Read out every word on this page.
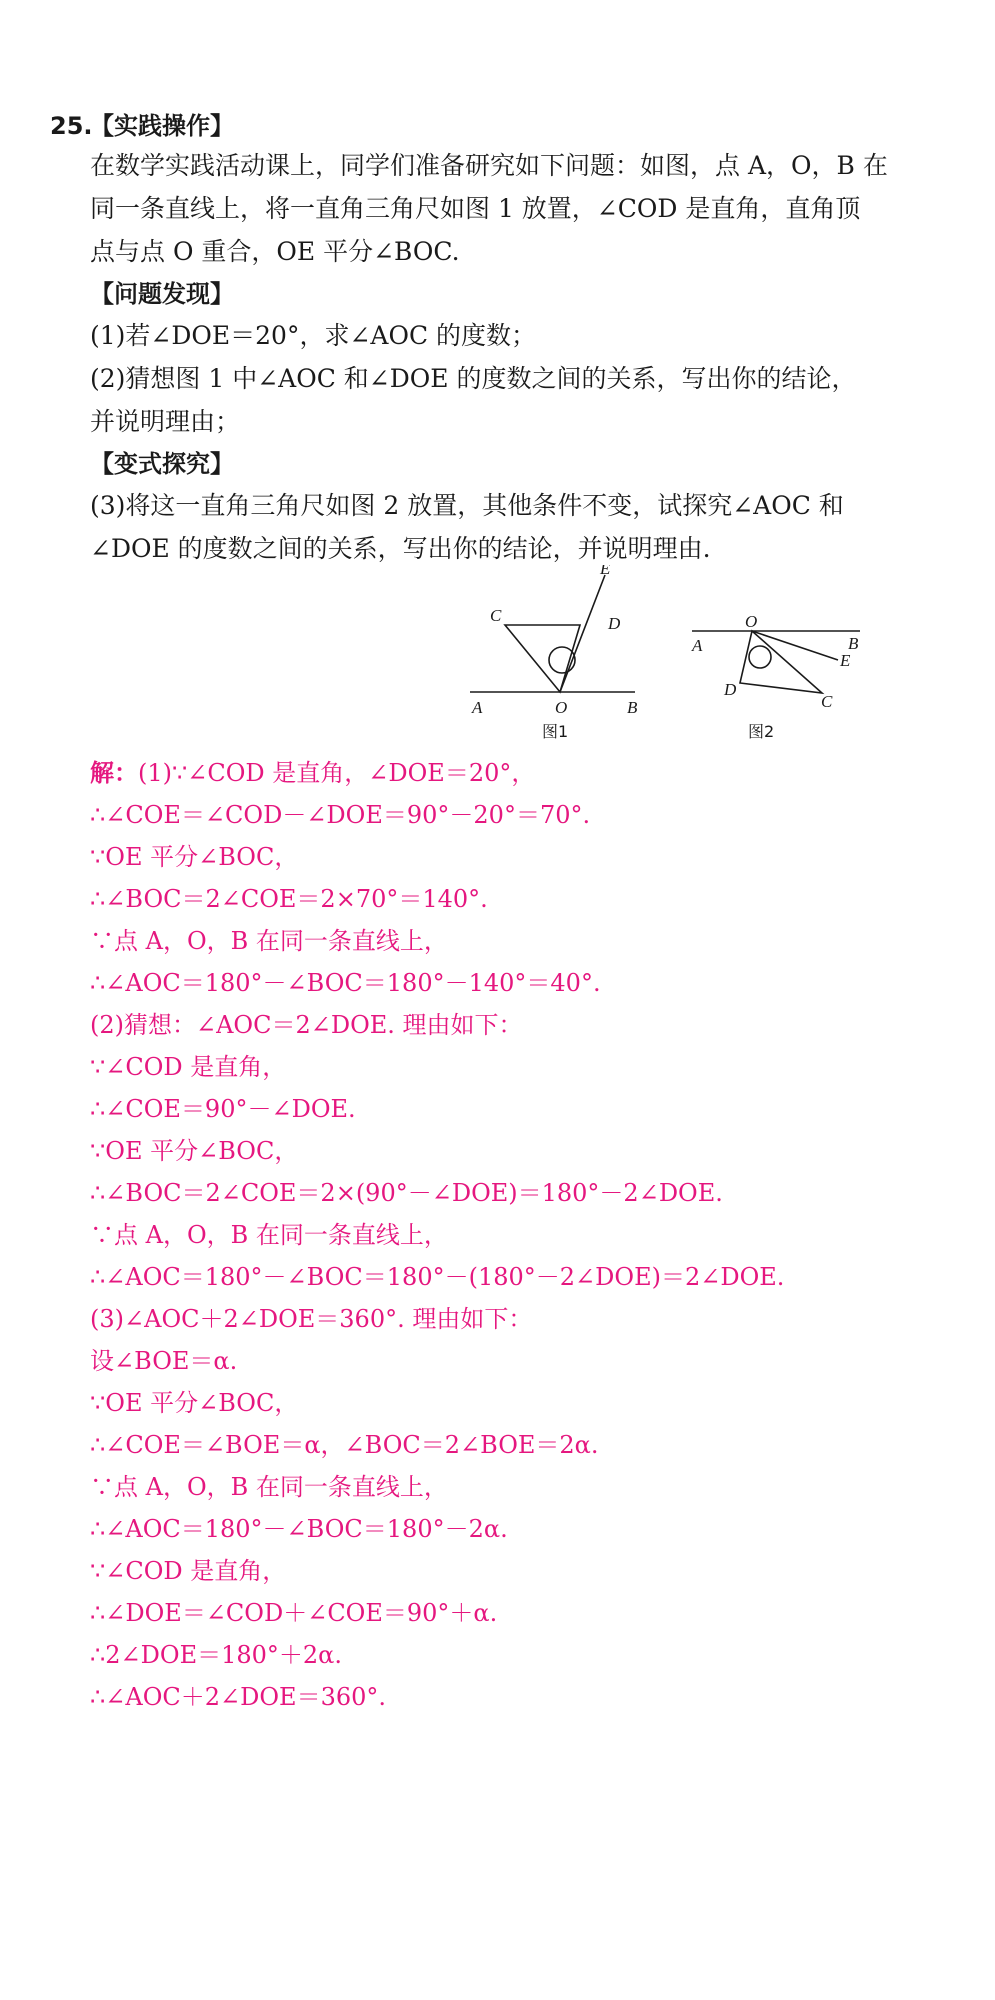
25.
【实践操作】
在数学实践活动课上，同学们准备研究如下问题：如图，点 A，O，B 在
同一条直线上，将一直角三角尺如图 1 放置，∠COD 是直角，直角顶
点与点 O 重合，OE 平分∠BOC.
【问题发现】
(1)若∠DOE＝20°，求∠AOC 的度数；
(2)猜想图 1 中∠AOC 和∠DOE 的度数之间的关系，写出你的结论，
并说明理由；
【变式探究】
(3)将这一直角三角尺如图 2 放置，其他条件不变，试探究∠AOC 和
∠DOE 的度数之间的关系，写出你的结论，并说明理由.
C	D
E
A	O	B
图1
O
A	B
E
D
C
图2
解：(1)∵∠COD 是直角，∠DOE＝20°，
∴∠COE＝∠COD－∠DOE＝90°－20°＝70°.
∵OE 平分∠BOC，
∴∠BOC＝2∠COE＝2×70°＝140°.
∵点 A，O，B 在同一条直线上，
∴∠AOC＝180°－∠BOC＝180°－140°＝40°.
(2)猜想：∠AOC＝2∠DOE. 理由如下：
∵∠COD 是直角，
∴∠COE＝90°－∠DOE.
∵OE 平分∠BOC，
∴∠BOC＝2∠COE＝2×(90°－∠DOE)＝180°－2∠DOE.
∵点 A，O，B 在同一条直线上，
∴∠AOC＝180°－∠BOC＝180°－(180°－2∠DOE)＝2∠DOE.
(3)∠AOC＋2∠DOE＝360°. 理由如下：
设∠BOE＝α.
∵OE 平分∠BOC，
∴∠COE＝∠BOE＝α，∠BOC＝2∠BOE＝2α.
∵点 A，O，B 在同一条直线上，
∴∠AOC＝180°－∠BOC＝180°－2α.
∵∠COD 是直角，
∴∠DOE＝∠COD＋∠COE＝90°＋α.
∴2∠DOE＝180°＋2α.
∴∠AOC＋2∠DOE＝360°.
